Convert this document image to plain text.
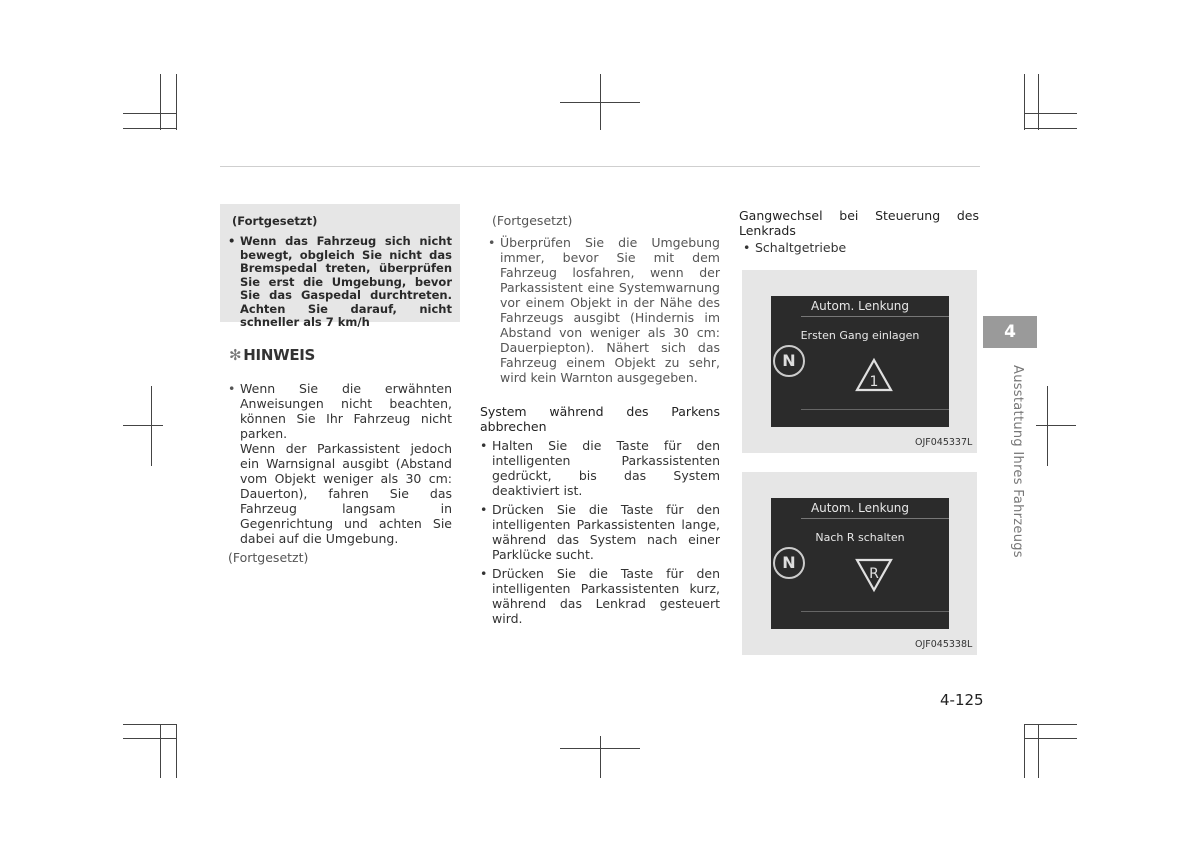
(Fortgesetzt)
• Wenn das Fahrzeug sich nicht bewegt, obgleich Sie nicht das Bremspedal treten, überprüfen Sie erst die Umgebung, bevor Sie das Gaspedal durchtreten. Achten Sie darauf, nicht schneller als 7 km/h
✻ HINWEIS
• Wenn Sie die erwähnten Anweisungen nicht beachten, können Sie Ihr Fahrzeug nicht parken.

Wenn der Parkassistent jedoch ein Warnsignal ausgibt (Abstand vom Objekt weniger als 30 cm: Dauerton), fahren Sie das Fahrzeug langsam in Gegenrichtung und achten Sie dabei auf die Umgebung.

(Fortgesetzt)

(Fortgesetzt)

• Überprüfen Sie die Umgebung immer, bevor Sie mit dem Fahrzeug losfahren, wenn der Parkassistent eine Systemwarnung vor einem Objekt in der Nähe des Fahrzeugs ausgibt (Hindernis im Abstand von weniger als 30 cm: Dauerpiepton). Nähert sich das Fahrzeug einem Objekt zu sehr, wird kein Warnton ausgegeben.

System während des Parkens abbrechen

• Halten Sie die Taste für den intelligenten Parkassistenten gedrückt, bis das System deaktiviert ist.
• Drücken Sie die Taste für den intelligenten Parkassistenten lange, während das System nach einer Parklücke sucht.
• Drücken Sie die Taste für den intelligenten Parkassistenten kurz, während das Lenkrad gesteuert wird.

Gangwechsel bei Steuerung des Lenkrads

• Schaltgetriebe
Autom. Lenkung
Ersten Gang einlagen
N
1
OJF045337L
Autom. Lenkung
Nach R schalten
N
R
OJF045338L
4
Ausstattung Ihres Fahrzeugs
4-125
